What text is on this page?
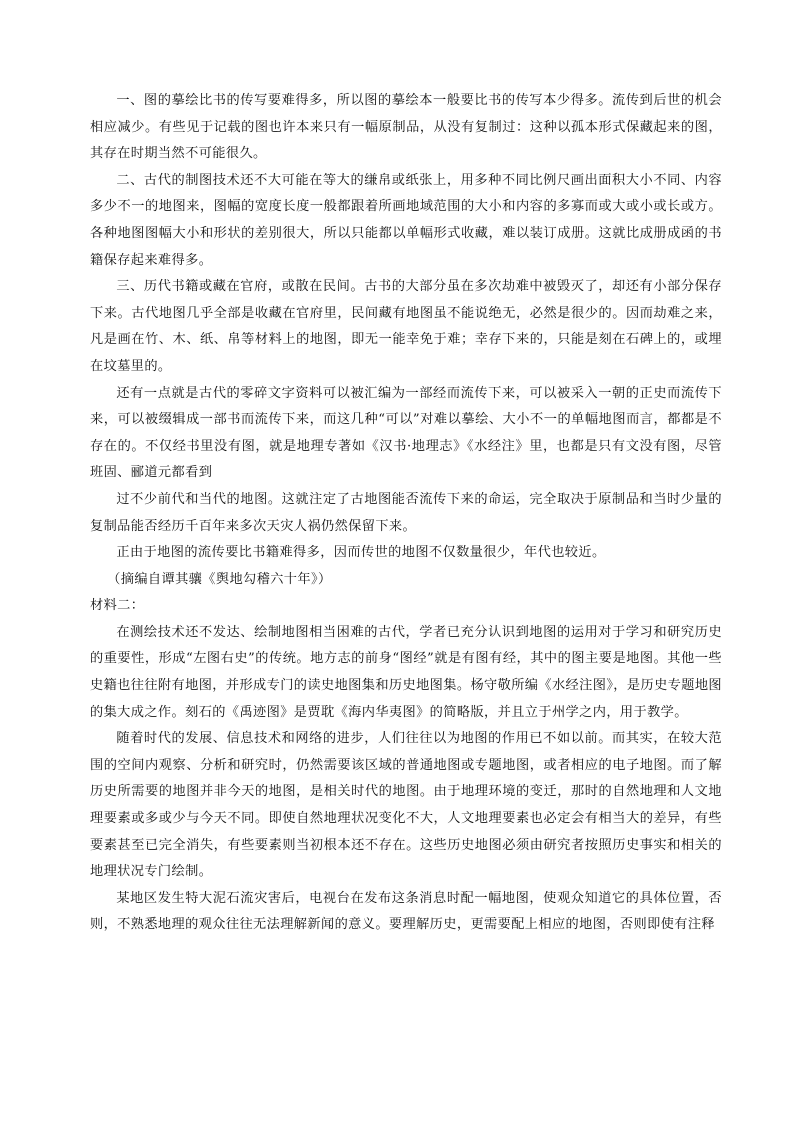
一、图的摹绘比书的传写要难得多，所以图的摹绘本一般要比书的传写本少得多。流传到后世的机会相应减少。有些见于记载的图也许本来只有一幅原制品，从没有复制过：这种以孤本形式保藏起来的图，其存在时期当然不可能很久。

二、古代的制图技术还不大可能在等大的缣帛或纸张上，用多种不同比例尺画出面积大小不同、内容多少不一的地图来，图幅的宽度长度一般都跟着所画地域范围的大小和内容的多寡而或大或小或长或方。各种地图图幅大小和形状的差别很大，所以只能都以单幅形式收藏，难以装订成册。这就比成册成函的书籍保存起来难得多。

三、历代书籍或藏在官府，或散在民间。古书的大部分虽在多次劫难中被毁灭了，却还有小部分保存下来。古代地图几乎全部是收藏在官府里，民间藏有地图虽不能说绝无，必然是很少的。因而劫难之来，凡是画在竹、木、纸、帛等材料上的地图，即无一能幸免于难；幸存下来的，只能是刻在石碑上的，或埋在坟墓里的。

还有一点就是古代的零碎文字资料可以被汇编为一部经而流传下来，可以被采入一朝的正史而流传下来，可以被缀辑成一部书而流传下来，而这几种“可以”对难以摹绘、大小不一的单幅地图而言，都都是不存在的。不仅经书里没有图，就是地理专著如《汉书·地理志》《水经注》里，也都是只有文没有图，尽管班固、郦道元都看到

过不少前代和当代的地图。这就注定了古地图能否流传下来的命运，完全取决于原制品和当时少量的复制品能否经历千百年来多次天灾人祸仍然保留下来。

正由于地图的流传要比书籍难得多，因而传世的地图不仅数量很少，年代也较近。

（摘编自谭其骧《舆地勾稽六十年》）

材料二：

在测绘技术还不发达、绘制地图相当困难的古代，学者已充分认识到地图的运用对于学习和研究历史的重要性，形成“左图右史”的传统。地方志的前身“图经”就是有图有经，其中的图主要是地图。其他一些史籍也往往附有地图，并形成专门的读史地图集和历史地图集。杨守敬所编《水经注图》，是历史专题地图的集大成之作。刻石的《禹迹图》是贾耽《海内华夷图》的简略版，并且立于州学之内，用于教学。

随着时代的发展、信息技术和网络的进步，人们往往以为地图的作用已不如以前。而其实，在较大范围的空间内观察、分析和研究时，仍然需要该区域的普通地图或专题地图，或者相应的电子地图。而了解历史所需要的地图并非今天的地图，是相关时代的地图。由于地理环境的变迁，那时的自然地理和人文地理要素或多或少与今天不同。即使自然地理状况变化不大，人文地理要素也必定会有相当大的差异，有些要素甚至已完全消失，有些要素则当初根本还不存在。这些历史地图必须由研究者按照历史事实和相关的地理状况专门绘制。

某地区发生特大泥石流灾害后，电视台在发布这条消息时配一幅地图，使观众知道它的具体位置，否则，不熟悉地理的观众往往无法理解新闻的意义。要理解历史，更需要配上相应的地图，否则即使有注释
